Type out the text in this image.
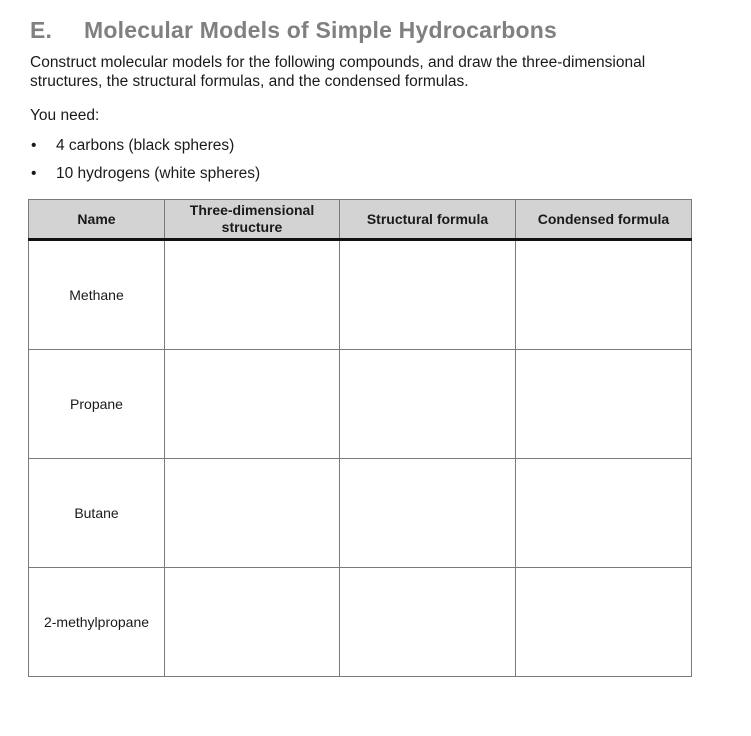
E. Molecular Models of Simple Hydrocarbons
Construct molecular models for the following compounds, and draw the three-dimensional structures, the structural formulas, and the condensed formulas.
You need:
• 4 carbons (black spheres)
• 10 hydrogens (white spheres)
Name	Three-dimensional structure	Structural formula	Condensed formula
Methane			
Propane			
Butane			
2-methylpropane			
